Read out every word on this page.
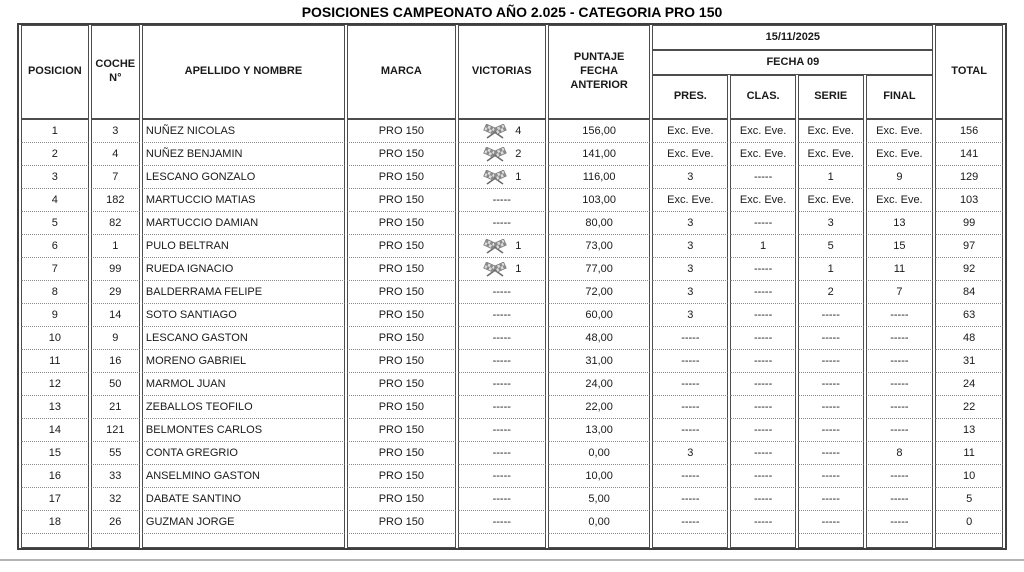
POSICIONES CAMPEONATO AÑO 2.025 - CATEGORIA PRO 150
POSICION	COCHE N°	APELLIDO Y NOMBRE	MARCA	VICTORIAS	PUNTAJE FECHA ANTERIOR	15/11/2025				TOTAL
						FECHA 09				
						PRES.	CLAS.	SERIE	FINAL	
1	3	NUÑEZ NICOLAS	PRO 150	4	156,00	Exc. Eve.	Exc. Eve.	Exc. Eve.	Exc. Eve.	156
2	4	NUÑEZ BENJAMIN	PRO 150	2	141,00	Exc. Eve.	Exc. Eve.	Exc. Eve.	Exc. Eve.	141
3	7	LESCANO GONZALO	PRO 150	1	116,00	3	-----	1	9	129
4	182	MARTUCCIO MATIAS	PRO 150	-----	103,00	Exc. Eve.	Exc. Eve.	Exc. Eve.	Exc. Eve.	103
5	82	MARTUCCIO DAMIAN	PRO 150	-----	80,00	3	-----	3	13	99
6	1	PULO BELTRAN	PRO 150	1	73,00	3	1	5	15	97
7	99	RUEDA IGNACIO	PRO 150	1	77,00	3	-----	1	11	92
8	29	BALDERRAMA FELIPE	PRO 150	-----	72,00	3	-----	2	7	84
9	14	SOTO SANTIAGO	PRO 150	-----	60,00	3	-----	-----	-----	63
10	9	LESCANO GASTON	PRO 150	-----	48,00	-----	-----	-----	-----	48
11	16	MORENO GABRIEL	PRO 150	-----	31,00	-----	-----	-----	-----	31
12	50	MARMOL JUAN	PRO 150	-----	24,00	-----	-----	-----	-----	24
13	21	ZEBALLOS TEOFILO	PRO 150	-----	22,00	-----	-----	-----	-----	22
14	121	BELMONTES CARLOS	PRO 150	-----	13,00	-----	-----	-----	-----	13
15	55	CONTA GREGRIO	PRO 150	-----	0,00	3	-----	-----	8	11
16	33	ANSELMINO GASTON	PRO 150	-----	10,00	-----	-----	-----	-----	10
17	32	DABATE SANTINO	PRO 150	-----	5,00	-----	-----	-----	-----	5
18	26	GUZMAN JORGE	PRO 150	-----	0,00	-----	-----	-----	-----	0
